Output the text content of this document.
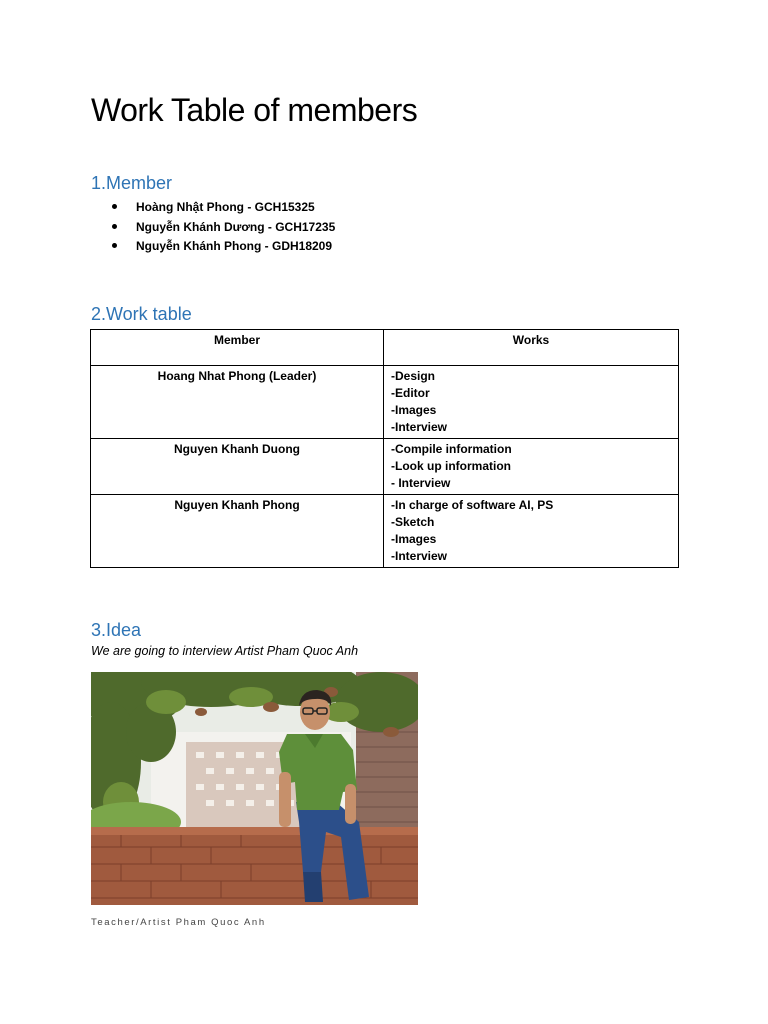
Work Table of members
1.Member
Hoàng Nhật Phong - GCH15325
Nguyễn Khánh Dương - GCH17235
Nguyễn Khánh Phong - GDH18209
2.Work table
Member	Works
Hoang Nhat Phong (Leader)	-Design
-Editor
-Images
-Interview

Nguyen Khanh Duong	-Compile information
-Look up information
- Interview

Nguyen Khanh Phong	-In charge of software AI, PS
-Sketch
-Images
-Interview
3.Idea
We are going to interview Artist Pham Quoc Anh
Teacher/Artist Pham Quoc Anh
